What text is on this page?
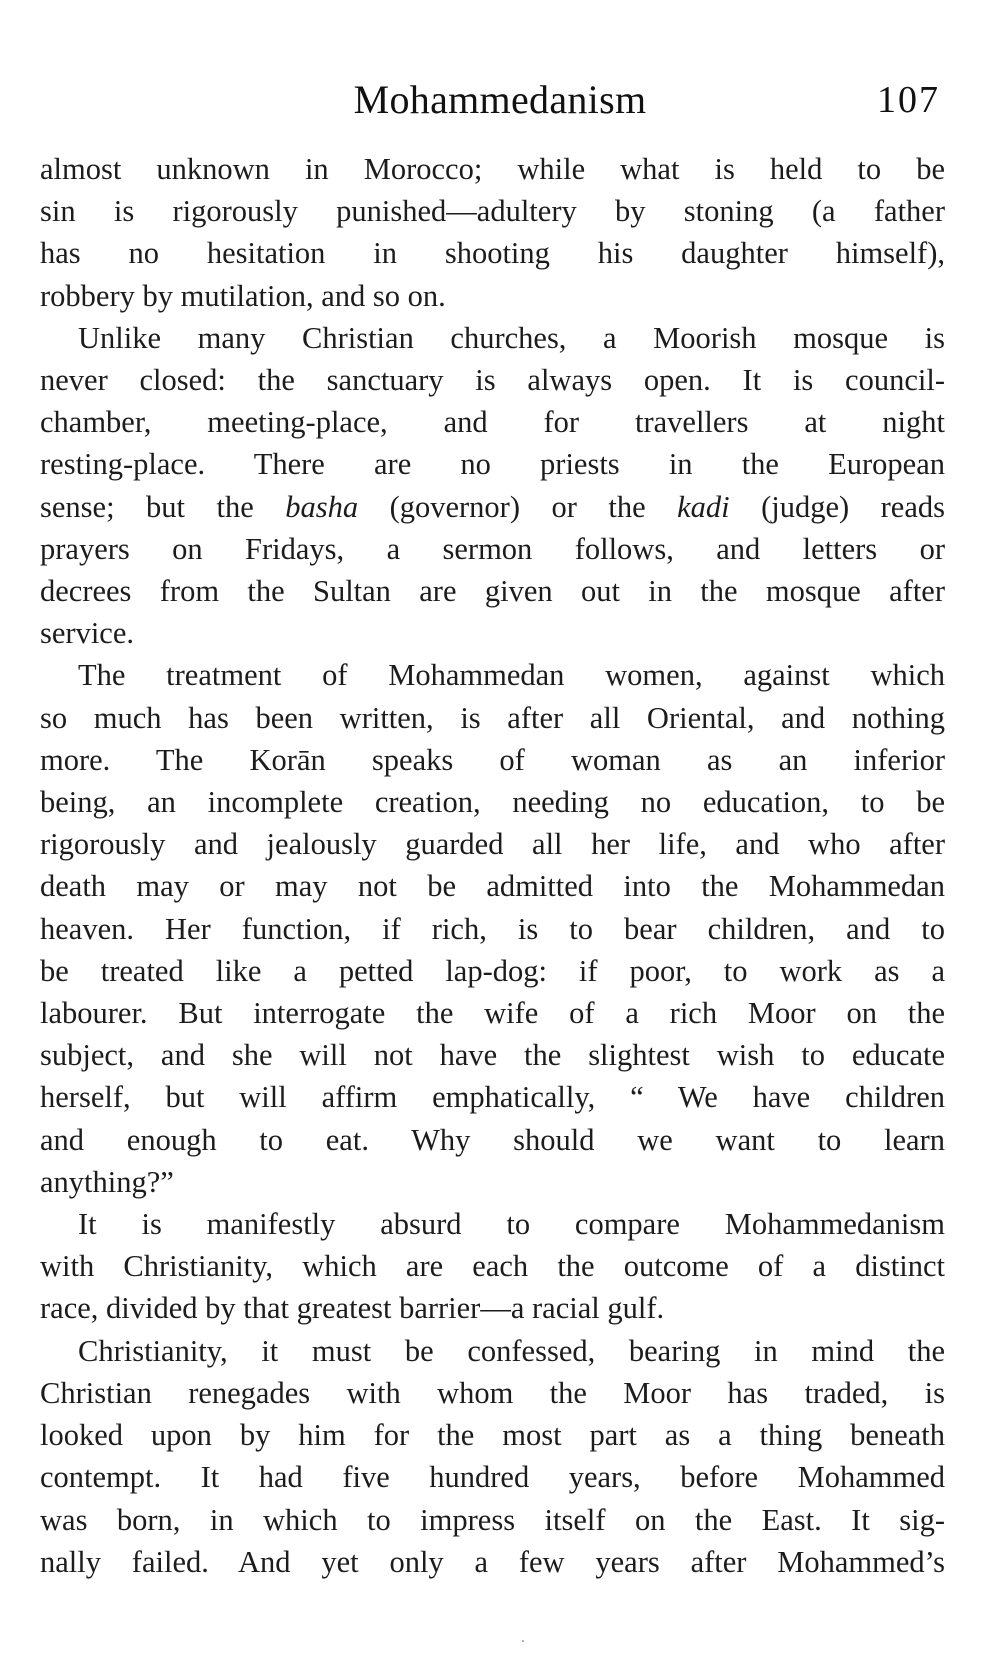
Mohammedanism	107

almost unknown in Morocco; while what is held to be
sin is rigorously punished—adultery by stoning (a father
has no hesitation in shooting his daughter himself),
robbery by mutilation, and so on.

Unlike many Christian churches, a Moorish mosque is
never closed: the sanctuary is always open. It is council-
chamber, meeting-place, and for travellers at night
resting-place. There are no priests in the European
sense; but the basha (governor) or the kadi (judge) reads
prayers on Fridays, a sermon follows, and letters or
decrees from the Sultan are given out in the mosque after
service.

The treatment of Mohammedan women, against which
so much has been written, is after all Oriental, and nothing
more. The Korān speaks of woman as an inferior
being, an incomplete creation, needing no education, to be
rigorously and jealously guarded all her life, and who after
death may or may not be admitted into the Mohammedan
heaven. Her function, if rich, is to bear children, and to
be treated like a petted lap-dog: if poor, to work as a
labourer. But interrogate the wife of a rich Moor on the
subject, and she will not have the slightest wish to educate
herself, but will affirm emphatically, “ We have children
and enough to eat. Why should we want to learn
anything?”

It is manifestly absurd to compare Mohammedanism
with Christianity, which are each the outcome of a distinct
race, divided by that greatest barrier—a racial gulf.

Christianity, it must be confessed, bearing in mind the
Christian renegades with whom the Moor has traded, is
looked upon by him for the most part as a thing beneath
contempt. It had five hundred years, before Mohammed
was born, in which to impress itself on the East. It sig-
nally failed. And yet only a few years after Mohammed’s
